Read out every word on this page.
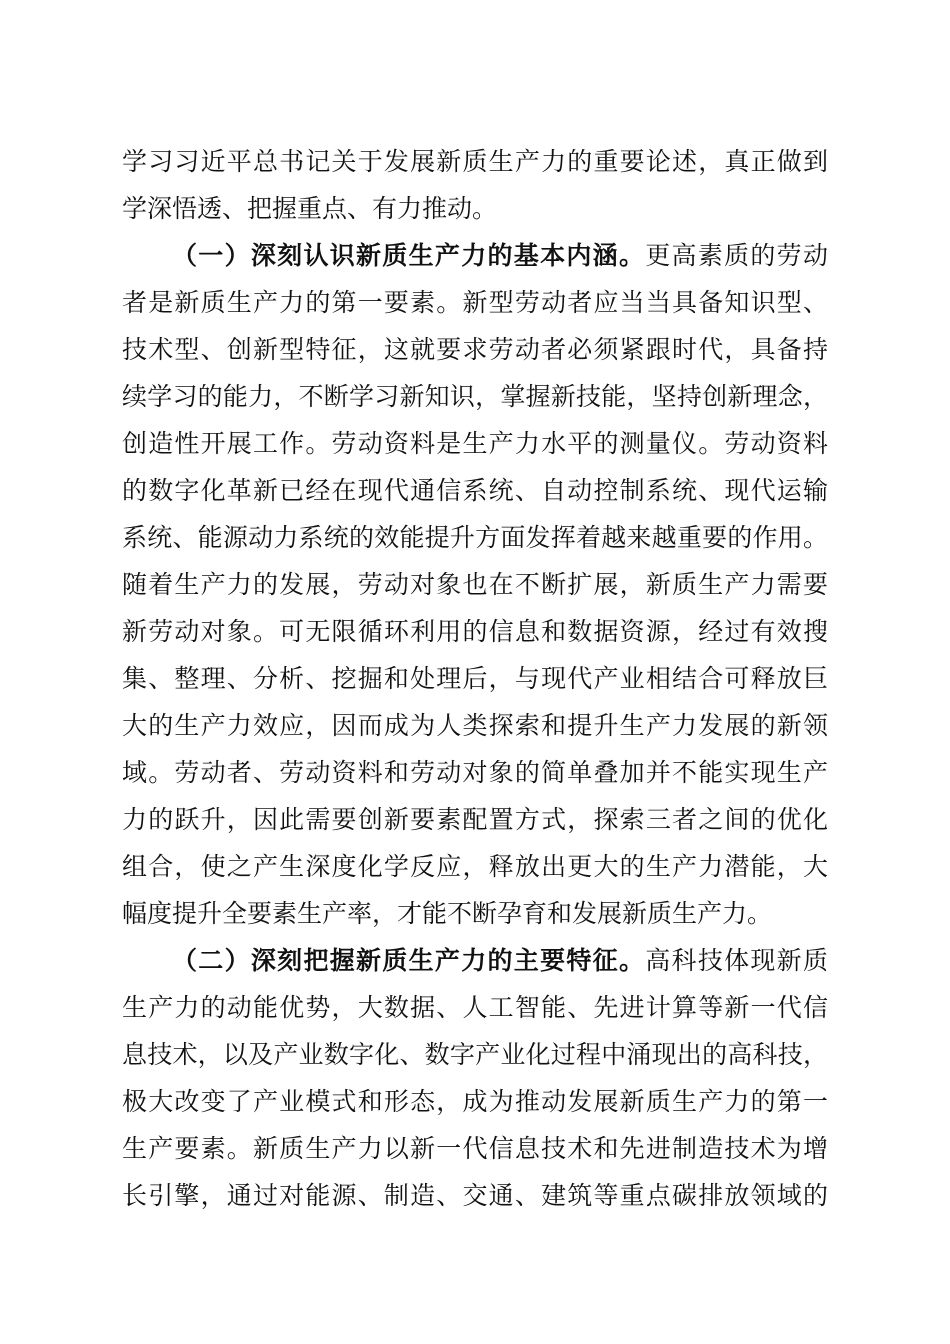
学习习近平总书记关于发展新质生产力的重要论述，真正做到
学深悟透、把握重点、有力推动。
（一）深刻认识新质生产力的基本内涵。更高素质的劳动
者是新质生产力的第一要素。新型劳动者应当当具备知识型、
技术型、创新型特征，这就要求劳动者必须紧跟时代，具备持
续学习的能力，不断学习新知识，掌握新技能，坚持创新理念，
创造性开展工作。劳动资料是生产力水平的测量仪。劳动资料
的数字化革新已经在现代通信系统、自动控制系统、现代运输
系统、能源动力系统的效能提升方面发挥着越来越重要的作用。
随着生产力的发展，劳动对象也在不断扩展，新质生产力需要
新劳动对象。可无限循环利用的信息和数据资源，经过有效搜
集、整理、分析、挖掘和处理后，与现代产业相结合可释放巨
大的生产力效应，因而成为人类探索和提升生产力发展的新领
域。劳动者、劳动资料和劳动对象的简单叠加并不能实现生产
力的跃升，因此需要创新要素配置方式，探索三者之间的优化
组合，使之产生深度化学反应，释放出更大的生产力潜能，大
幅度提升全要素生产率，才能不断孕育和发展新质生产力。
（二）深刻把握新质生产力的主要特征。高科技体现新质
生产力的动能优势，大数据、人工智能、先进计算等新一代信
息技术，以及产业数字化、数字产业化过程中涌现出的高科技，
极大改变了产业模式和形态，成为推动发展新质生产力的第一
生产要素。新质生产力以新一代信息技术和先进制造技术为增
长引擎，通过对能源、制造、交通、建筑等重点碳排放领域的
